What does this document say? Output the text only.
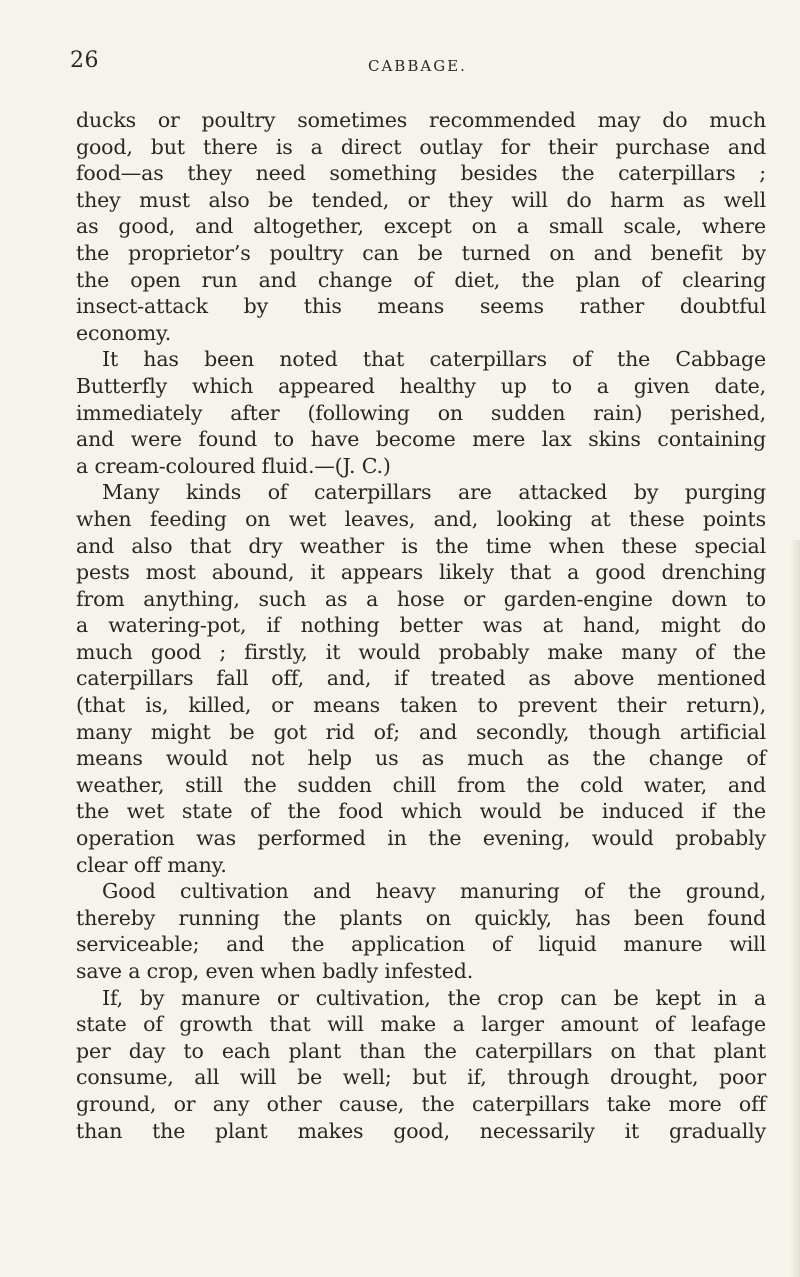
26	CABBAGE.
ducks or poultry sometimes recommended may do much
good, but there is a direct outlay for their purchase and
food—as they need something besides the caterpillars ;
they must also be tended, or they will do harm as well
as good, and altogether, except on a small scale, where
the proprietor’s poultry can be turned on and benefit by
the open run and change of diet, the plan of clearing
insect-attack by this means seems rather doubtful
economy.
It has been noted that caterpillars of the Cabbage
Butterfly which appeared healthy up to a given date,
immediately after (following on sudden rain) perished,
and were found to have become mere lax skins containing
a cream-coloured fluid.—(J. C.)
Many kinds of caterpillars are attacked by purging
when feeding on wet leaves, and, looking at these points
and also that dry weather is the time when these special
pests most abound, it appears likely that a good drenching
from anything, such as a hose or garden-engine down to
a watering-pot, if nothing better was at hand, might do
much good ; firstly, it would probably make many of the
caterpillars fall off, and, if treated as above mentioned
(that is, killed, or means taken to prevent their return),
many might be got rid of; and secondly, though artificial
means would not help us as much as the change of
weather, still the sudden chill from the cold water, and
the wet state of the food which would be induced if the
operation was performed in the evening, would probably
clear off many.
Good cultivation and heavy manuring of the ground,
thereby running the plants on quickly, has been found
serviceable; and the application of liquid manure will
save a crop, even when badly infested.
If, by manure or cultivation, the crop can be kept in a
state of growth that will make a larger amount of leafage
per day to each plant than the caterpillars on that plant
consume, all will be well; but if, through drought, poor
ground, or any other cause, the caterpillars take more off
than the plant makes good, necessarily it gradually
